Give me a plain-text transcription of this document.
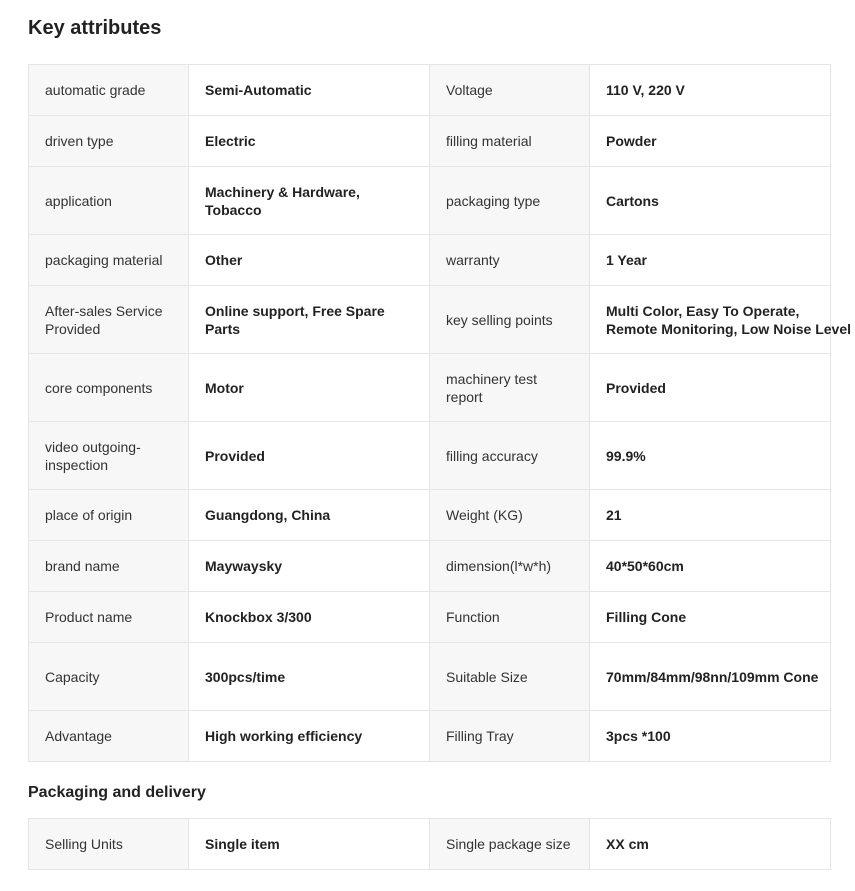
Key attributes
automatic grade	Semi-Automatic	Voltage	110 V, 220 V
driven type	Electric	filling material	Powder
application	Machinery & Hardware, Tobacco	packaging type	Cartons
packaging material	Other	warranty	1 Year
After-sales Service Provided	Online support, Free Spare Parts	key selling points	Multi Color, Easy To Operate,
Remote Monitoring, Low Noise Level

core components	Motor	machinery test report	Provided
video outgoing-inspection	Provided	filling accuracy	99.9%
place of origin	Guangdong, China	Weight (KG)	21
brand name	Maywaysky	dimension(l*w*h)	40*50*60cm
Product name	Knockbox 3/300	Function	Filling Cone
Capacity	300pcs/time	Suitable Size	70mm/84mm/98nn/109mm Cone
Advantage	High working efficiency	Filling Tray	3pcs *100
Packaging and delivery
Selling Units	Single item	Single package size	XX cm
